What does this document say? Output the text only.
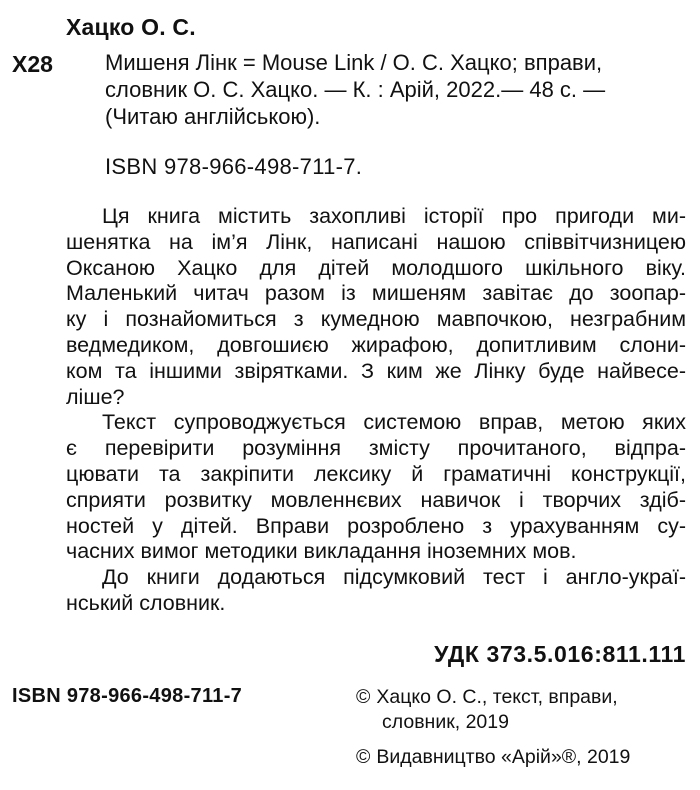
Хацко О. С.
Х28 Мишеня Лінк = Mouse Link / О. С. Хацко; вправи,
словник О. С. Хацко. — К. : Арій, 2022.— 48 с. —
(Читаю англійською).
ISBN 978-966-498-711-7.
Ця книга містить захопливі історії про пригоди ми-
шенятка на ім’я Лінк, написані нашою співвітчизницею
Оксаною Хацко для дітей молодшого шкільного віку.
Маленький читач разом із мишеням завітає до зоопар-
ку і познайомиться з кумедною мавпочкою, незграбним
ведмедиком, довгошиєю жирафою, допитливим слони-
ком та іншими звірятками. З ким же Лінку буде найвесе-
ліше?
Текст супроводжується системою вправ, метою яких
є перевірити розуміння змісту прочитаного, відпра-
цювати та закріпити лексику й граматичні конструкції,
сприяти розвитку мовленнєвих навичок і творчих здіб-
ностей у дітей. Вправи розроблено з урахуванням су-
часних вимог методики викладання іноземних мов.
До книги додаються підсумковий тест і англо-украї-
нський словник.
УДК 373.5.016:811.111
ISBN 978-966-498-711-7	© Хацко О. С., текст, вправи,
словник, 2019
© Видавництво «Арій»®, 2019
